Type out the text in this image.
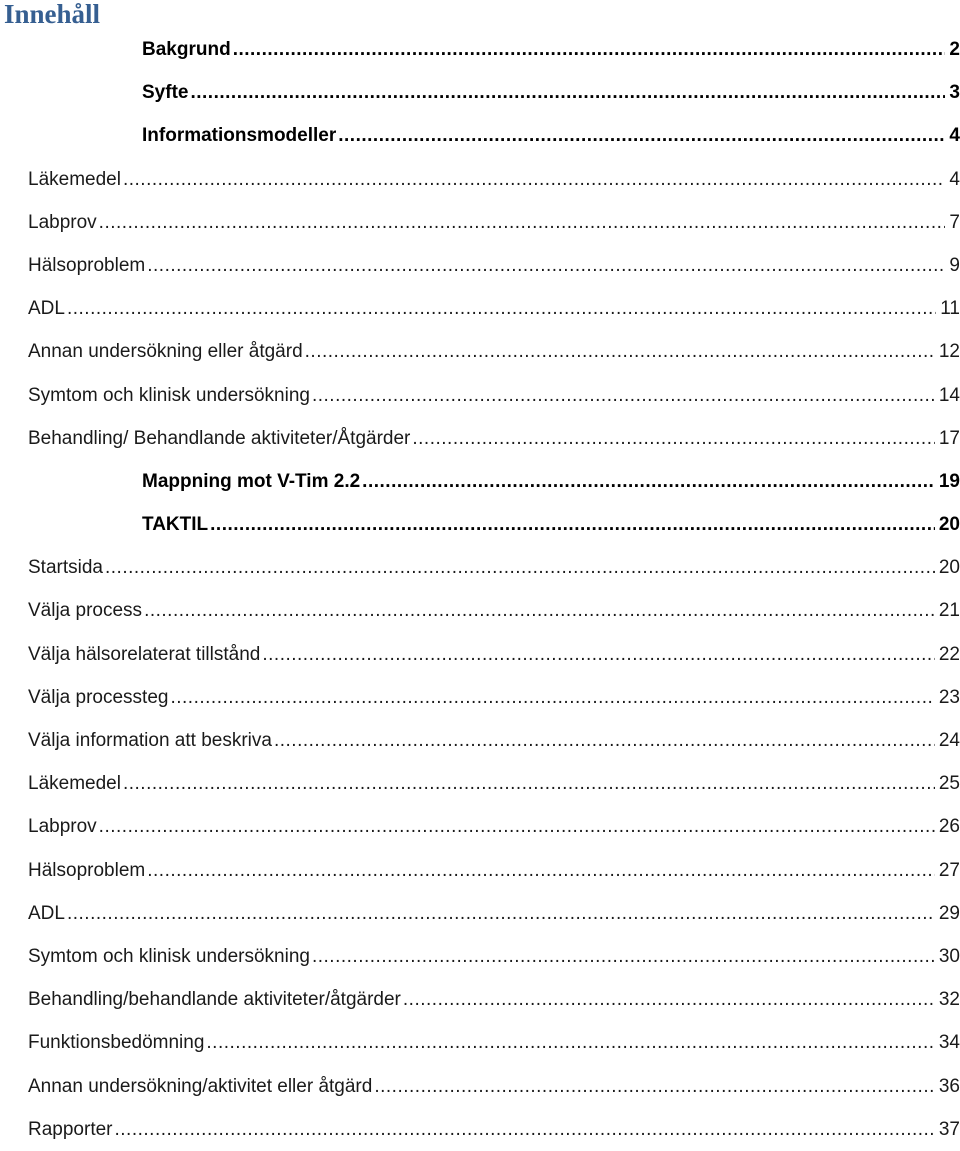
Innehåll
Bakgrund .....	2
Syfte .....	3
Informationsmodeller .....	4
Läkemedel .....	4
Labprov .....	7
Hälsoproblem .....	9
ADL .....	11
Annan undersökning eller åtgärd .....	12
Symtom och klinisk undersökning .....	14
Behandling/ Behandlande aktiviteter/Åtgärder .....	17
Mappning mot V-Tim 2.2 .....	19
TAKTIL .....	20
Startsida .....	20
Välja process .....	21
Välja hälsorelaterat tillstånd .....	22
Välja processteg .....	23
Välja information att beskriva .....	24
Läkemedel .....	25
Labprov .....	26
Hälsoproblem .....	27
ADL .....	29
Symtom och klinisk undersökning .....	30
Behandling/behandlande aktiviteter/åtgärder .....	32
Funktionsbedömning .....	34
Annan undersökning/aktivitet eller åtgärd .....	36
Rapporter .....	37
